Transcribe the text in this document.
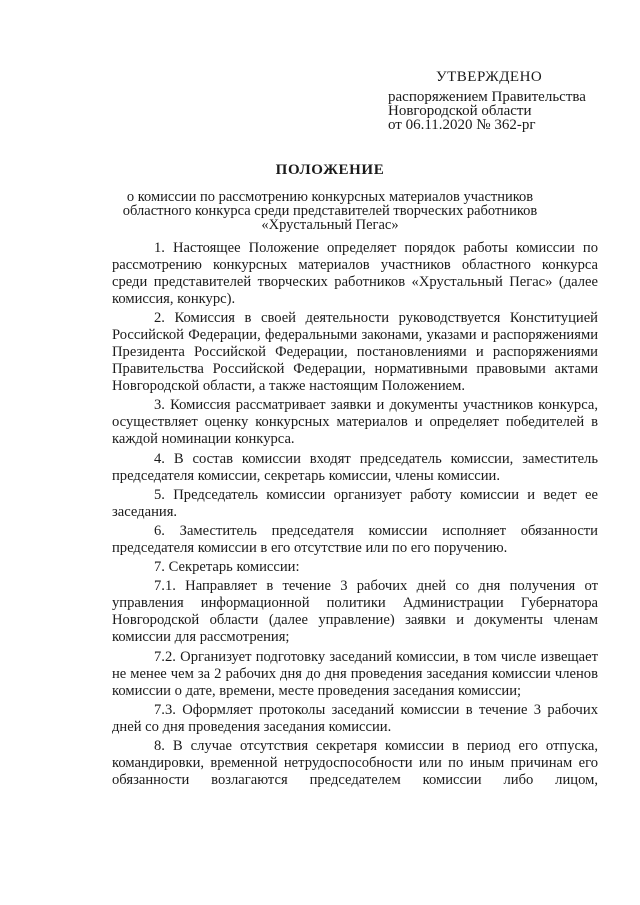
УТВЕРЖДЕНО
распоряжением Правительства
Новгородской области
от 06.11.2020 № 362-рг
ПОЛОЖЕНИЕ
о комиссии по рассмотрению конкурсных материалов участников
областного конкурса среди представителей творческих работников
«Хрустальный Пегас»

1. Настоящее Положение определяет порядок работы комиссии по рассмотрению конкурсных материалов участников областного конкурса среди представителей творческих работников «Хрустальный Пегас» (далее комиссия, конкурс).

2. Комиссия в своей деятельности руководствуется Конституцией Российской Федерации, федеральными законами, указами и распоряжениями Президента Российской Федерации, постановлениями и распоряжениями Правительства Российской Федерации, нормативными правовыми актами Новгородской области, а также настоящим Положением.

3. Комиссия рассматривает заявки и документы участников конкурса, осуществляет оценку конкурсных материалов и определяет победителей в каждой номинации конкурса.

4. В состав комиссии входят председатель комиссии, заместитель председателя комиссии, секретарь комиссии, члены комиссии.

5. Председатель комиссии организует работу комиссии и ведет ее заседания.

6. Заместитель председателя комиссии исполняет обязанности председателя комиссии в его отсутствие или по его поручению.

7. Секретарь комиссии:

7.1. Направляет в течение 3 рабочих дней со дня получения от управления информационной политики Администрации Губернатора Новгородской области (далее управление) заявки и документы членам комиссии для рассмотрения;

7.2. Организует подготовку заседаний комиссии, в том числе извещает не менее чем за 2 рабочих дня до дня проведения заседания комиссии членов комиссии о дате, времени, месте проведения заседания комиссии;

7.3. Оформляет протоколы заседаний комиссии в течение 3 рабочих дней со дня проведения заседания комиссии.

8. В случае отсутствия секретаря комиссии в период его отпуска, командировки, временной нетрудоспособности или по иным причинам его обязанности возлагаются председателем комиссии либо лицом,
